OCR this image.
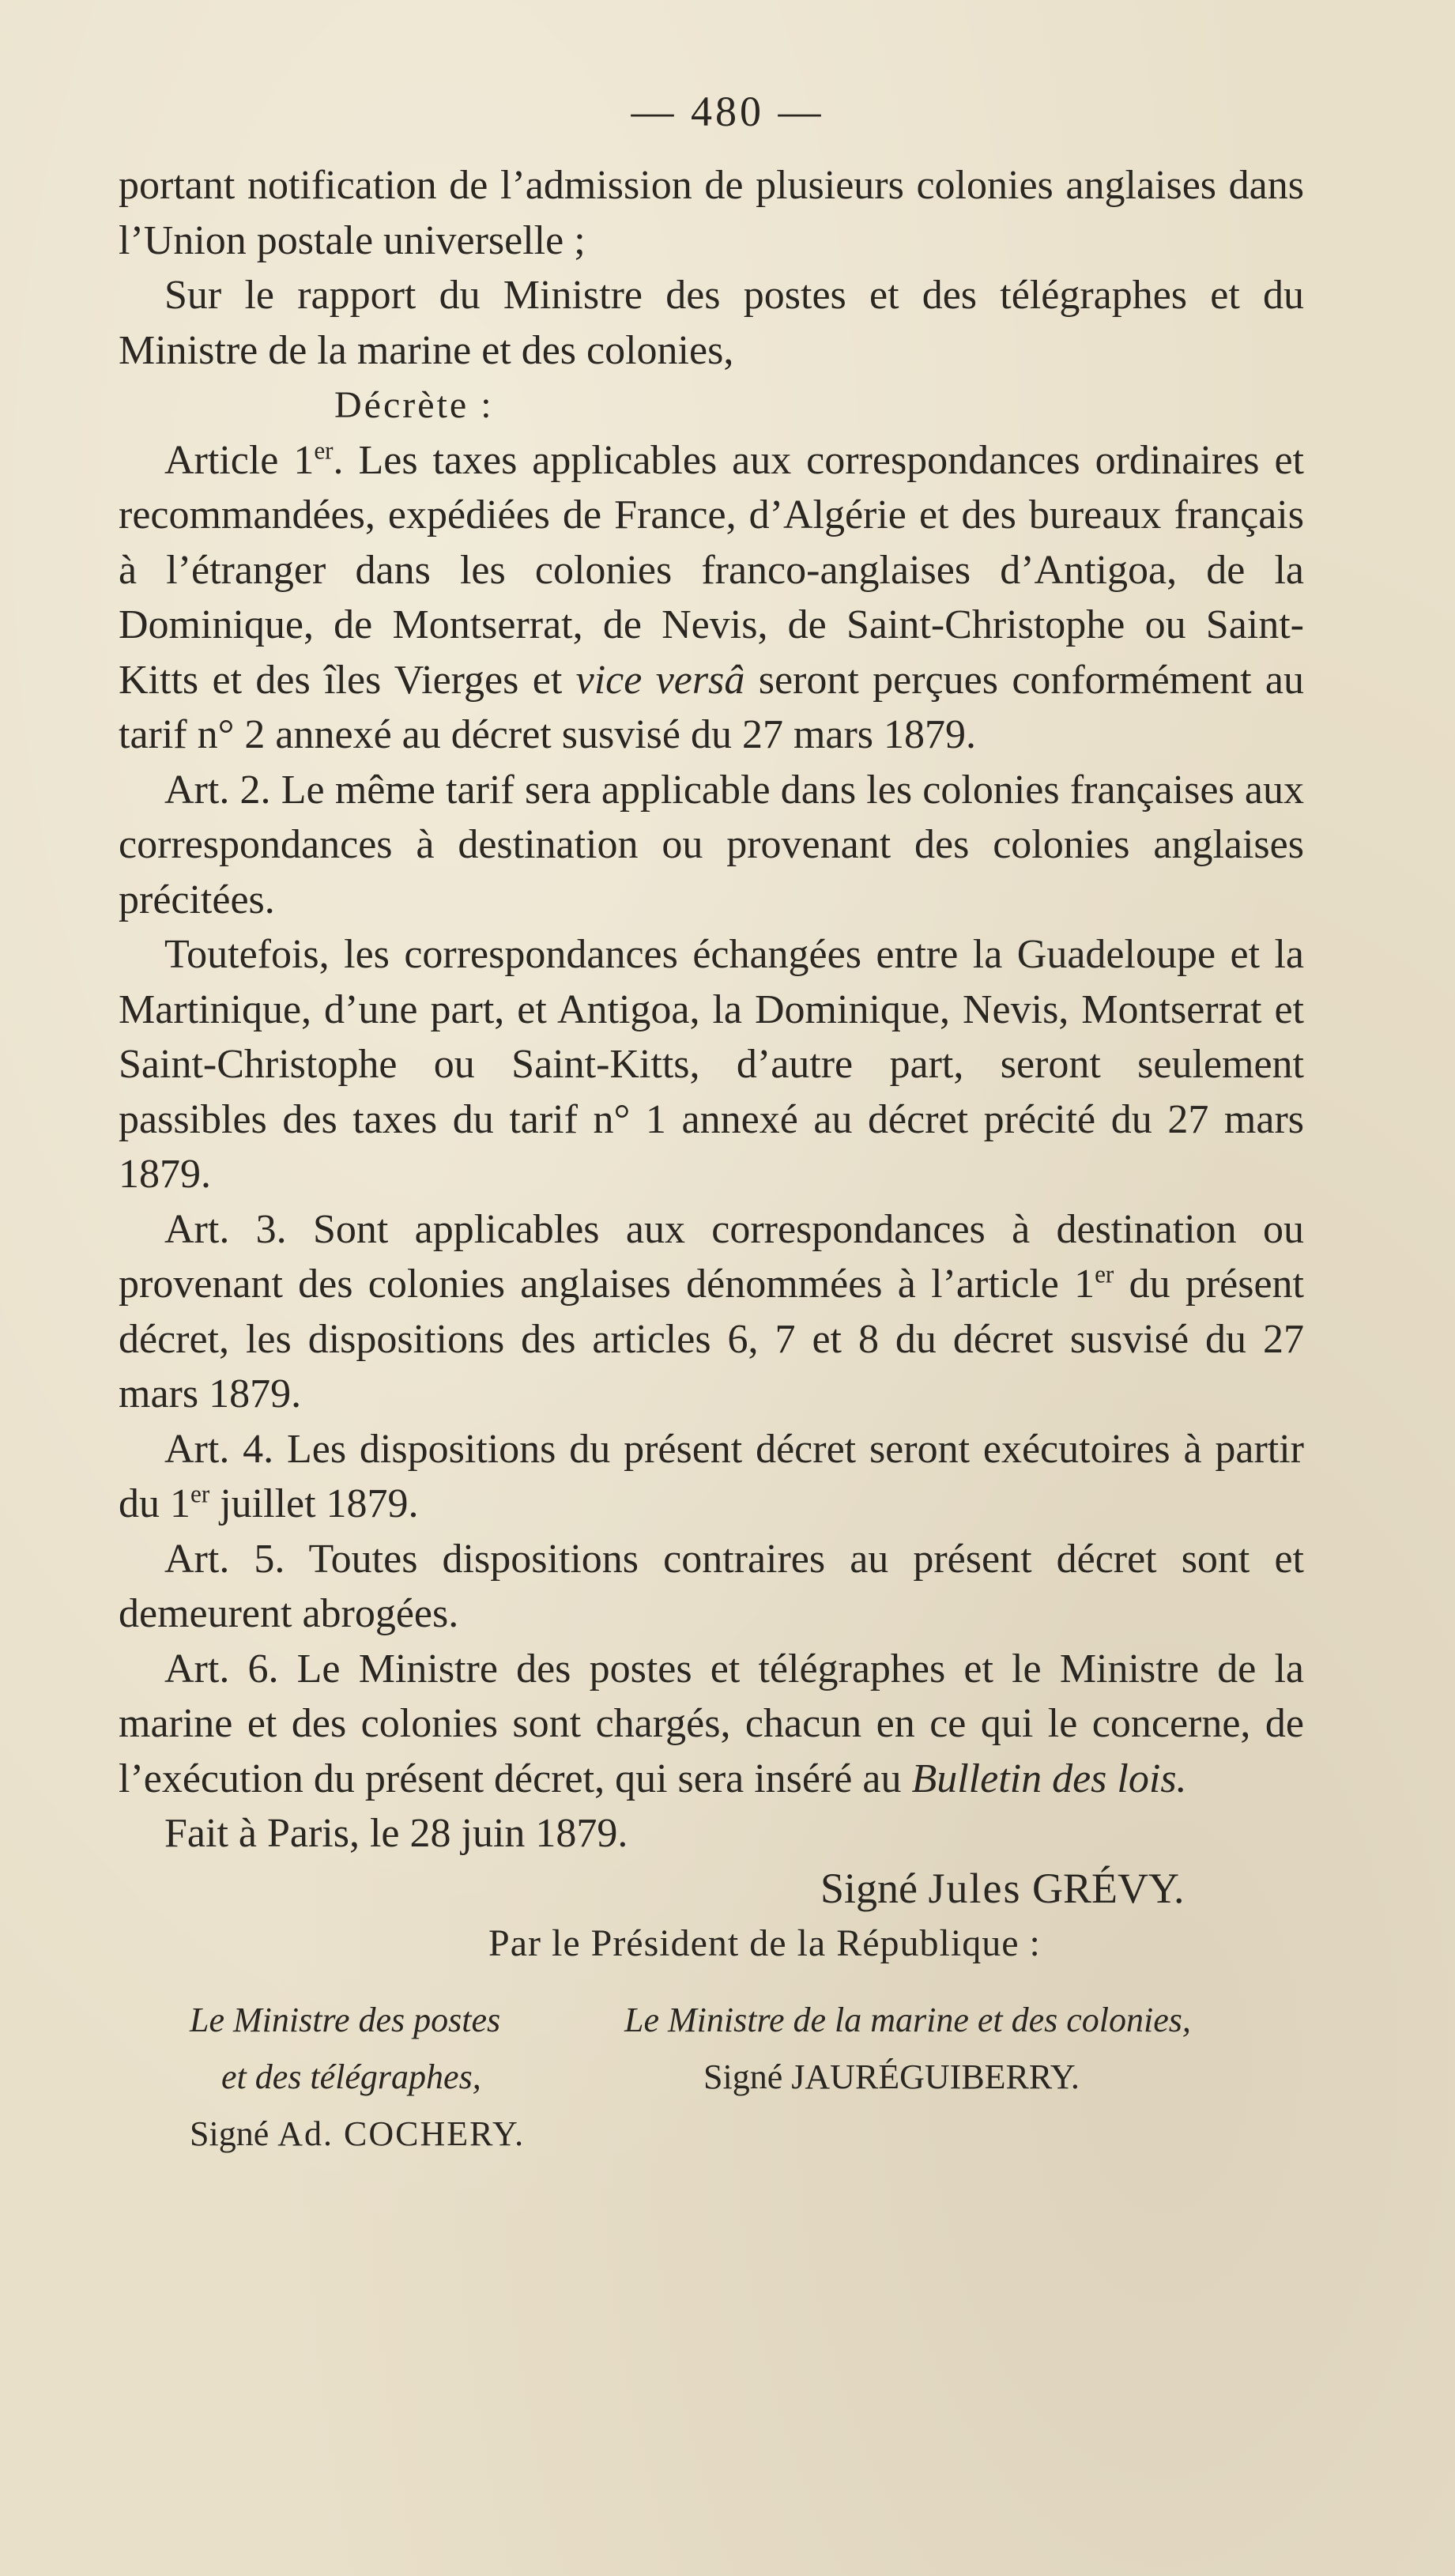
— 480 —

portant notification de l’admission de plusieurs colonies anglaises dans l’Union postale universelle ;

Sur le rapport du Ministre des postes et des télégraphes et du Ministre de la marine et des colonies,

Décrète :

Article 1er. Les taxes applicables aux correspondances ordinaires et recommandées, expédiées de France, d’Algérie et des bureaux français à l’étranger dans les colonies franco-anglaises d’Antigoa, de la Dominique, de Montserrat, de Nevis, de Saint-Christophe ou Saint-Kitts et des îles Vierges et vice versâ seront perçues conformément au tarif n° 2 annexé au décret susvisé du 27 mars 1879.

Art. 2. Le même tarif sera applicable dans les colonies françaises aux correspondances à destination ou provenant des colonies anglaises précitées.

Toutefois, les correspondances échangées entre la Guadeloupe et la Martinique, d’une part, et Antigoa, la Dominique, Nevis, Montserrat et Saint-Christophe ou Saint-Kitts, d’autre part, seront seulement passibles des taxes du tarif n° 1 annexé au décret précité du 27 mars 1879.

Art. 3. Sont applicables aux correspondances à destination ou provenant des colonies anglaises dénommées à l’article 1er du présent décret, les dispositions des articles 6, 7 et 8 du décret susvisé du 27 mars 1879.

Art. 4. Les dispositions du présent décret seront exécutoires à partir du 1er juillet 1879.

Art. 5. Toutes dispositions contraires au présent décret sont et demeurent abrogées.

Art. 6. Le Ministre des postes et télégraphes et le Ministre de la marine et des colonies sont chargés, chacun en ce qui le concerne, de l’exécution du présent décret, qui sera inséré au Bulletin des lois.

Fait à Paris, le 28 juin 1879.

Signé Jules GRÉVY.

Par le Président de la République :

Le Ministre des postes
et des télégraphes,
Signé Ad. COCHERY.
Le Ministre de la marine et des colonies,
Signé JAURÉGUIBERRY.
